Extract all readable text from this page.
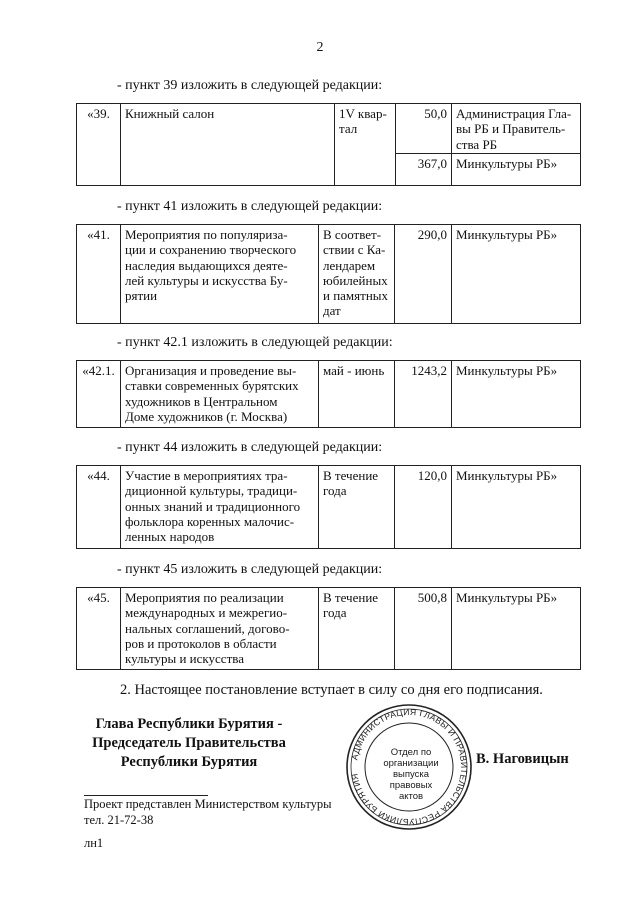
2
- пункт 39 изложить в следующей редакции:
«39.	Книжный салон	1V квар-
тал	50,0	Администрация Гла-
вы РБ и Правитель-
ства РБ
			367,0	Минкультуры РБ»
- пункт 41 изложить в следующей редакции:
«41.	Мероприятия по популяриза-
ции и сохранению творческого
наследия выдающихся деяте-
лей культуры и искусства Бу-
рятии	В соответ-
ствии с Ка-
лендарем
юбилейных
и памятных
дат	290,0	Минкультуры РБ»
- пункт 42.1 изложить в следующей редакции:
«42.1.	Организация и проведение вы-
ставки современных бурятских
художников в Центральном
Доме художников (г. Москва)	май - июнь	1243,2	Минкультуры РБ»
- пункт 44 изложить в следующей редакции:
«44.	Участие в мероприятиях тра-
диционной культуры, традици-
онных знаний и традиционного
фольклора коренных малочис-
ленных народов	В течение
года	120,0	Минкультуры РБ»
- пункт 45 изложить в следующей редакции:
«45.	Мероприятия по реализации
международных и межрегио-
нальных соглашений, догово-
ров и протоколов в области
культуры и искусства	В течение
года	500,8	Минкультуры РБ»
2. Настоящее постановление вступает в силу со дня его подписания.
Глава Республики Бурятия -
Председатель Правительства
Республики Бурятия	АДМИНИСТРАЦИЯ ГЛАВЫ И ПРАВИТЕЛЬСТВА РЕСПУБЛИКИ БУРЯТИЯ
Отдел по
организации
выпуска
правовых
актов
В. Наговицын
Проект представлен Министерством культуры
тел. 21-72-38
лн1
